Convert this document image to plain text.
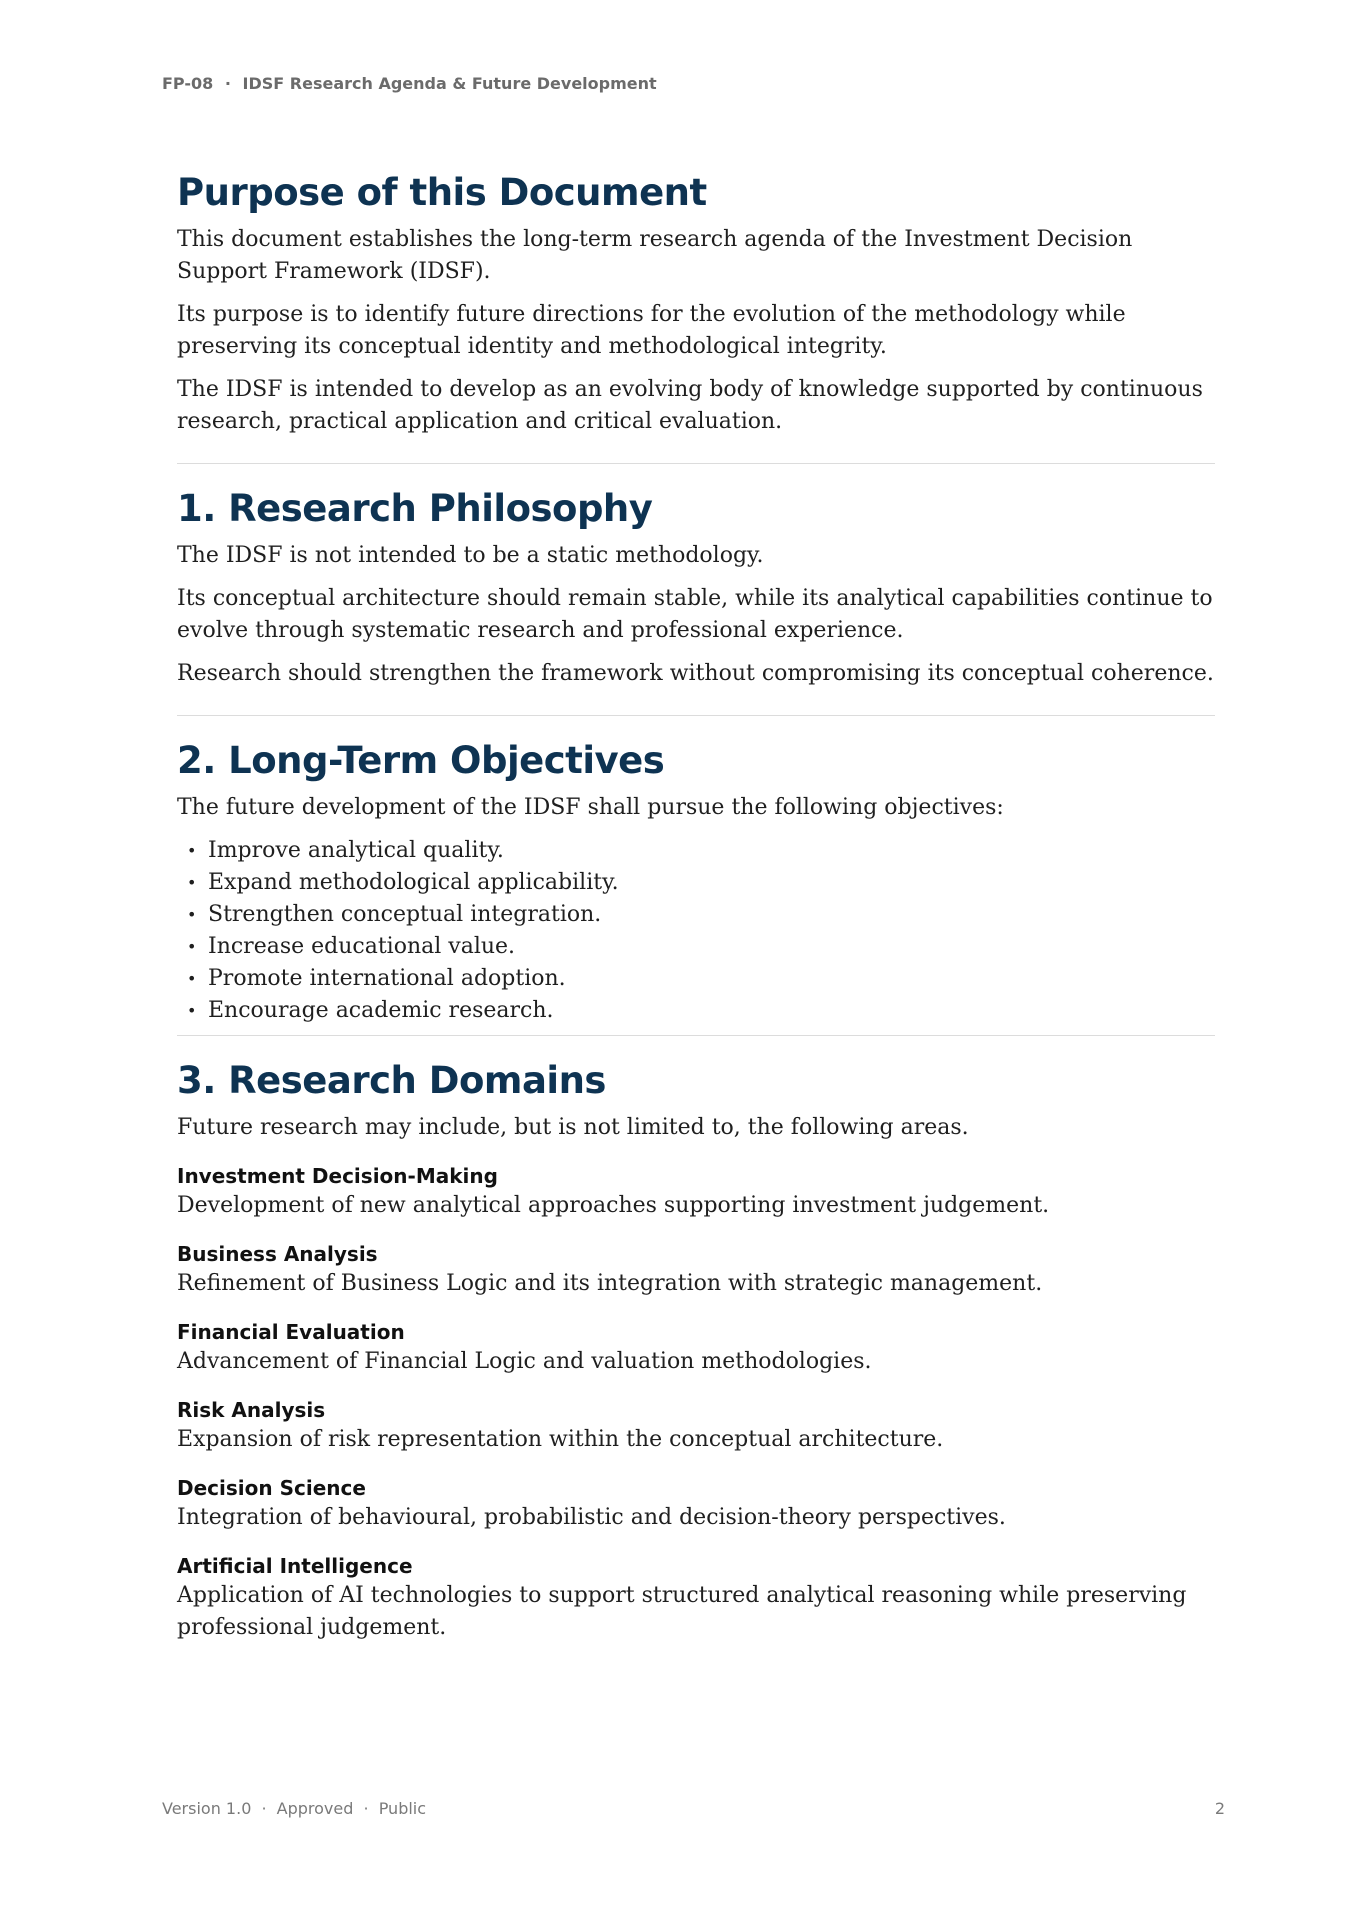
FP-08 · IDSF Research Agenda & Future Development
Purpose of this Document

This document establishes the long-term research agenda of the Investment Decision Support Framework (IDSF).

Its purpose is to identify future directions for the evolution of the methodology while preserving its conceptual identity and methodological integrity.

The IDSF is intended to develop as an evolving body of knowledge supported by continuous research, practical application and critical evaluation.

1. Research Philosophy

The IDSF is not intended to be a static methodology.

Its conceptual architecture should remain stable, while its analytical capabilities continue to evolve through systematic research and professional experience.

Research should strengthen the framework without compromising its conceptual coherence.

2. Long-Term Objectives

The future development of the IDSF shall pursue the following objectives:

• Improve analytical quality.
• Expand methodological applicability.
• Strengthen conceptual integration.
• Increase educational value.
• Promote international adoption.
• Encourage academic research.
3. Research Domains

Future research may include, but is not limited to, the following areas.

Investment Decision-Making

Development of new analytical approaches supporting investment judgement.

Business Analysis

Refinement of Business Logic and its integration with strategic management.

Financial Evaluation

Advancement of Financial Logic and valuation methodologies.

Risk Analysis

Expansion of risk representation within the conceptual architecture.

Decision Science

Integration of behavioural, probabilistic and decision-theory perspectives.

Artificial Intelligence

Application of AI technologies to support structured analytical reasoning while preserving professional judgement.

Version 1.0 · Approved · Public	2
